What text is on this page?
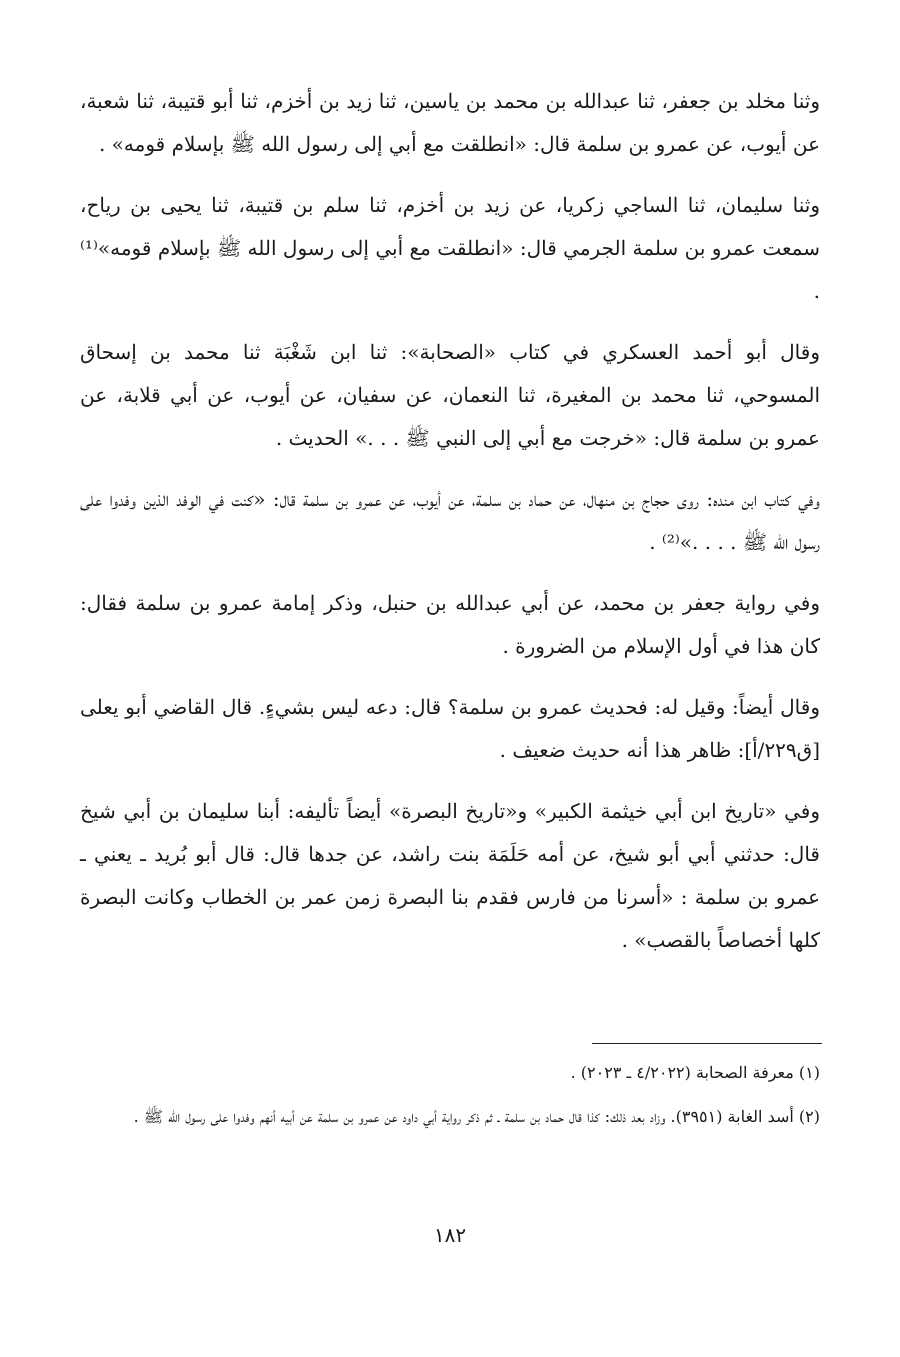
وثنا مخلد بن جعفر، ثنا عبدالله بن محمد بن ياسين، ثنا زيد بن أخزم، ثنا أبو قتيبة، ثنا شعبة، عن أيوب، عن عمرو بن سلمة قال: «انطلقت مع أبي إلى رسول الله ﷺ بإسلام قومه» .

وثنا سليمان، ثنا الساجي زكريا، عن زيد بن أخزم، ثنا سلم بن قتيبة، ثنا يحيى بن رياح، سمعت عمرو بن سلمة الجرمي قال: «انطلقت مع أبي إلى رسول الله ﷺ بإسلام قومه»⁽¹⁾ .

وقال أبو أحمد العسكري في كتاب «الصحابة»: ثنا ابن شَغْبَة ثنا محمد بن إسحاق المسوحي، ثنا محمد بن المغيرة، ثنا النعمان، عن سفيان، عن أيوب، عن أبي قلابة، عن عمرو بن سلمة قال: «خرجت مع أبي إلى النبي ﷺ . . .» الحديث .

وفي كتاب ابن منده: روى حجاج بن منهال، عن حماد بن سلمة، عن أيوب، عن عمرو بن سلمة قال: «كنت في الوفد الذين وفدوا على رسول الله ﷺ . . . .»⁽²⁾ .

وفي رواية جعفر بن محمد، عن أبي عبدالله بن حنبل، وذكر إمامة عمرو بن سلمة فقال: كان هذا في أول الإسلام من الضرورة .

وقال أيضاً: وقيل له: فحديث عمرو بن سلمة؟ قال: دعه ليس بشيءٍ. قال القاضي أبو يعلى [ق٢٢٩/أ]: ظاهر هذا أنه حديث ضعيف .

وفي «تاريخ ابن أبي خيثمة الكبير» و«تاريخ البصرة» أيضاً تأليفه: أبنا سليمان بن أبي شيخ قال: حدثني أبي أبو شيخ، عن أمه حَلَمَة بنت راشد، عن جدها قال: قال أبو بُريد ـ يعني ـ عمرو بن سلمة : «أسرنا من فارس فقدم بنا البصرة زمن عمر بن الخطاب وكانت البصرة كلها أخصاصاً بالقصب» .

(١) معرفة الصحابة (٤/٢٠٢٢ ـ ٢٠٢٣) .

(٢) أسد الغابة (٣٩٥١). وزاد بعد ذلك: كذا قال حماد بن سلمة ـ ثم ذكر رواية أبي داود عن عمرو بن سلمة عن أبيه أنهم وفدوا على رسول الله ﷺ .

١٨٢
